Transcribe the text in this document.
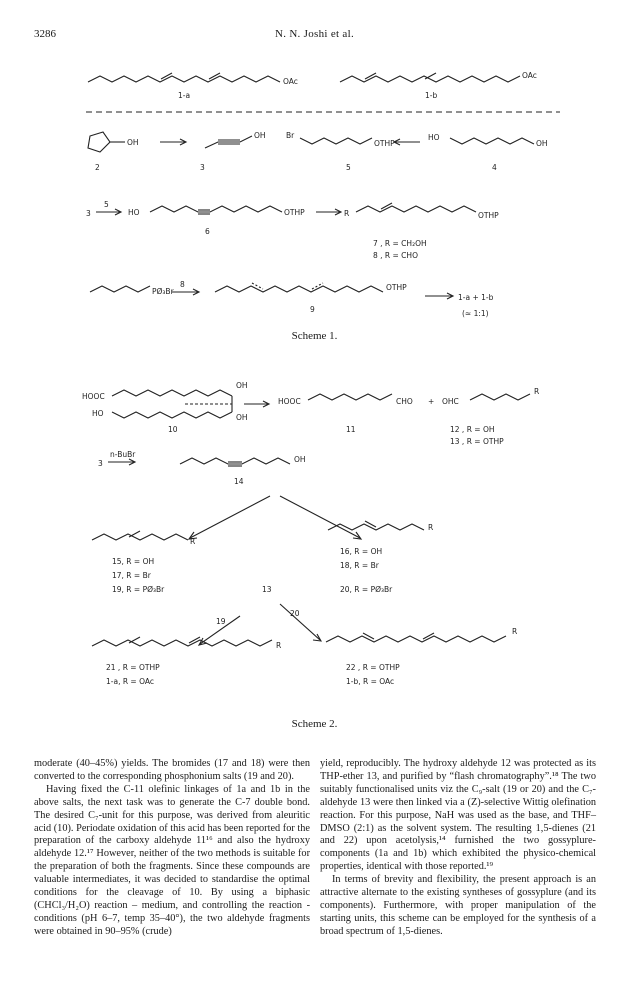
3286	N. N. Joshi et al.
OAc
OAc
1-a	1-b
OH
OH	Br
OTHP
HO
OH
2	3	5	4
3
5
HO	OTHP	R	OTHP
6
7 , R = CH₂OH
8 , R = CHO
PØ₃Br
8	OTHP
9
1-a + 1-b
(≃ 1:1)
Scheme 1.
HOOC
HO
OH
OH
10
HOOC	CHO + OHC
R
11	12 , R = OH
13 , R = OTHP
3
n-BuBr
OH
14
R
R
15, R = OH
17, R = Br
19, R = PØ₃Br
16, R = OH
18, R = Br
20, R = PØ₃Br
13
19
20
R
R
21 , R = OTHP
1-a, R = OAc
22 , R = OTHP
1-b, R = OAc
Scheme 2.

moderate (40–45%) yields. The bromides (17 and 18) were then converted to the corresponding phosphonium salts (19 and 20).

Having fixed the C-11 olefinic linkages of 1a and 1b in the above salts, the next task was to generate the C-7 double bond. The desired C₇-unit for this purpose, was derived from aleuritic acid (10). Periodate oxidation of this acid has been reported for the preparation of the carboxy aldehyde 11¹⁶ and also the hydroxy aldehyde 12.¹⁷ However, neither of the two methods is suitable for the preparation of both the fragments. Since these compounds are valuable intermediates, it was decided to standardise the optimal conditions for the cleavage of 10. By using a biphasic (CHCl₃/H₂O) reaction – medium, and controlling the reaction - conditions (pH 6–7, temp 35–40°), the two aldehyde fragments were obtained in 90–95% (crude)

yield, reproducibly. The hydroxy aldehyde 12 was protected as its THP-ether 13, and purified by “flash chromatography”.¹⁸ The two suitably functionalised units viz the C₉-salt (19 or 20) and the C₇-aldehyde 13 were then linked via a (Z)-selective Wittig olefination reaction. For this purpose, NaH was used as the base, and THF–DMSO (2:1) as the solvent system. The resulting 1,5-dienes (21 and 22) upon acetolysis,¹⁴ furnished the two gossyplure-components (1a and 1b) which exhibited the physico-chemical properties, identical with those reported.¹⁹

In terms of brevity and flexibility, the present approach is an attractive alternate to the existing syntheses of gossyplure (and its components). Furthermore, with proper manipulation of the starting units, this scheme can be employed for the synthesis of a broad spectrum of 1,5-dienes.
